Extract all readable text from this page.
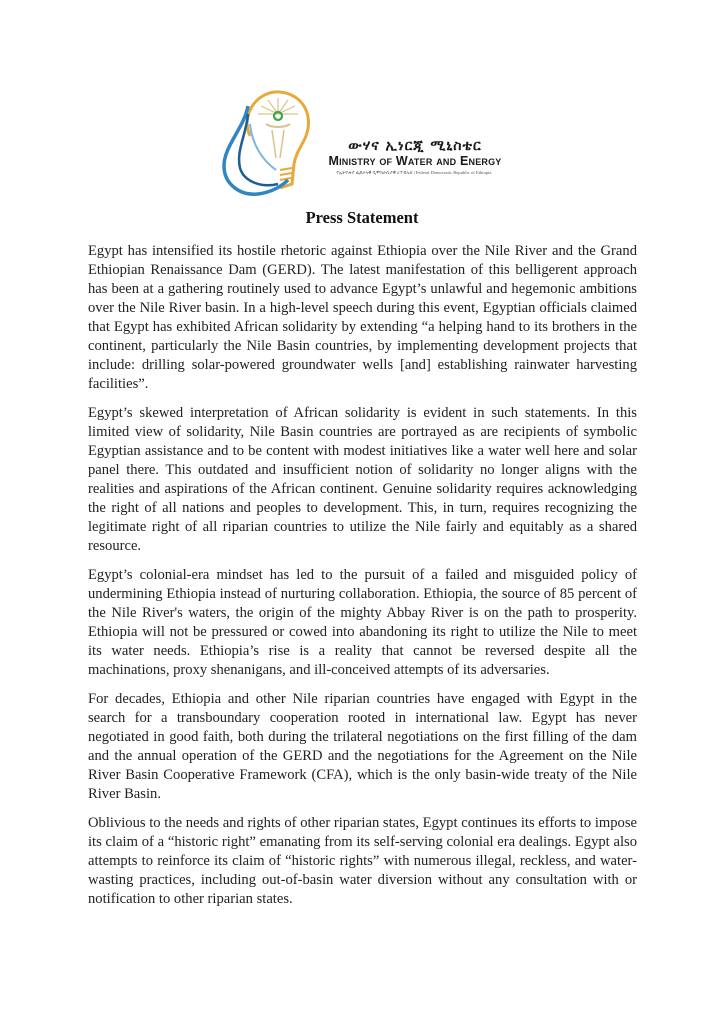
ውሃና ኢነርጂ ሚኒስቴር
Ministry of Water and Energy
የኢትዮጵያ ፌደራላዊ ዲሞክራሲያዊ ሪፐብሊክ | Federal Democratic Republic of Ethiopia
Press Statement

Egypt has intensified its hostile rhetoric against Ethiopia over the Nile River and the Grand Ethiopian Renaissance Dam (GERD). The latest manifestation of this belligerent approach has been at a gathering routinely used to advance Egypt’s unlawful and hegemonic ambitions over the Nile River basin. In a high-level speech during this event, Egyptian officials claimed that Egypt has exhibited African solidarity by extending “a helping hand to its brothers in the continent, particularly the Nile Basin countries, by implementing development projects that include: drilling solar-powered groundwater wells [and] establishing rainwater harvesting facilities”.

Egypt’s skewed interpretation of African solidarity is evident in such statements. In this limited view of solidarity, Nile Basin countries are portrayed as are recipients of symbolic Egyptian assistance and to be content with modest initiatives like a water well here and solar panel there. This outdated and insufficient notion of solidarity no longer aligns with the realities and aspirations of the African continent. Genuine solidarity requires acknowledging the right of all nations and peoples to development. This, in turn, requires recognizing the legitimate right of all riparian countries to utilize the Nile fairly and equitably as a shared resource.

Egypt’s colonial-era mindset has led to the pursuit of a failed and misguided policy of undermining Ethiopia instead of nurturing collaboration. Ethiopia, the source of 85 percent of the Nile River's waters, the origin of the mighty Abbay River is on the path to prosperity. Ethiopia will not be pressured or cowed into abandoning its right to utilize the Nile to meet its water needs. Ethiopia’s rise is a reality that cannot be reversed despite all the machinations, proxy shenanigans, and ill-conceived attempts of its adversaries.

For decades, Ethiopia and other Nile riparian countries have engaged with Egypt in the search for a transboundary cooperation rooted in international law. Egypt has never negotiated in good faith, both during the trilateral negotiations on the first filling of the dam and the annual operation of the GERD and the negotiations for the Agreement on the Nile River Basin Cooperative Framework (CFA), which is the only basin-wide treaty of the Nile River Basin.

Oblivious to the needs and rights of other riparian states, Egypt continues its efforts to impose its claim of a “historic right” emanating from its self-serving colonial era dealings. Egypt also attempts to reinforce its claim of “historic rights” with numerous illegal, reckless, and water-wasting practices, including out-of-basin water diversion without any consultation with or notification to other riparian states.
